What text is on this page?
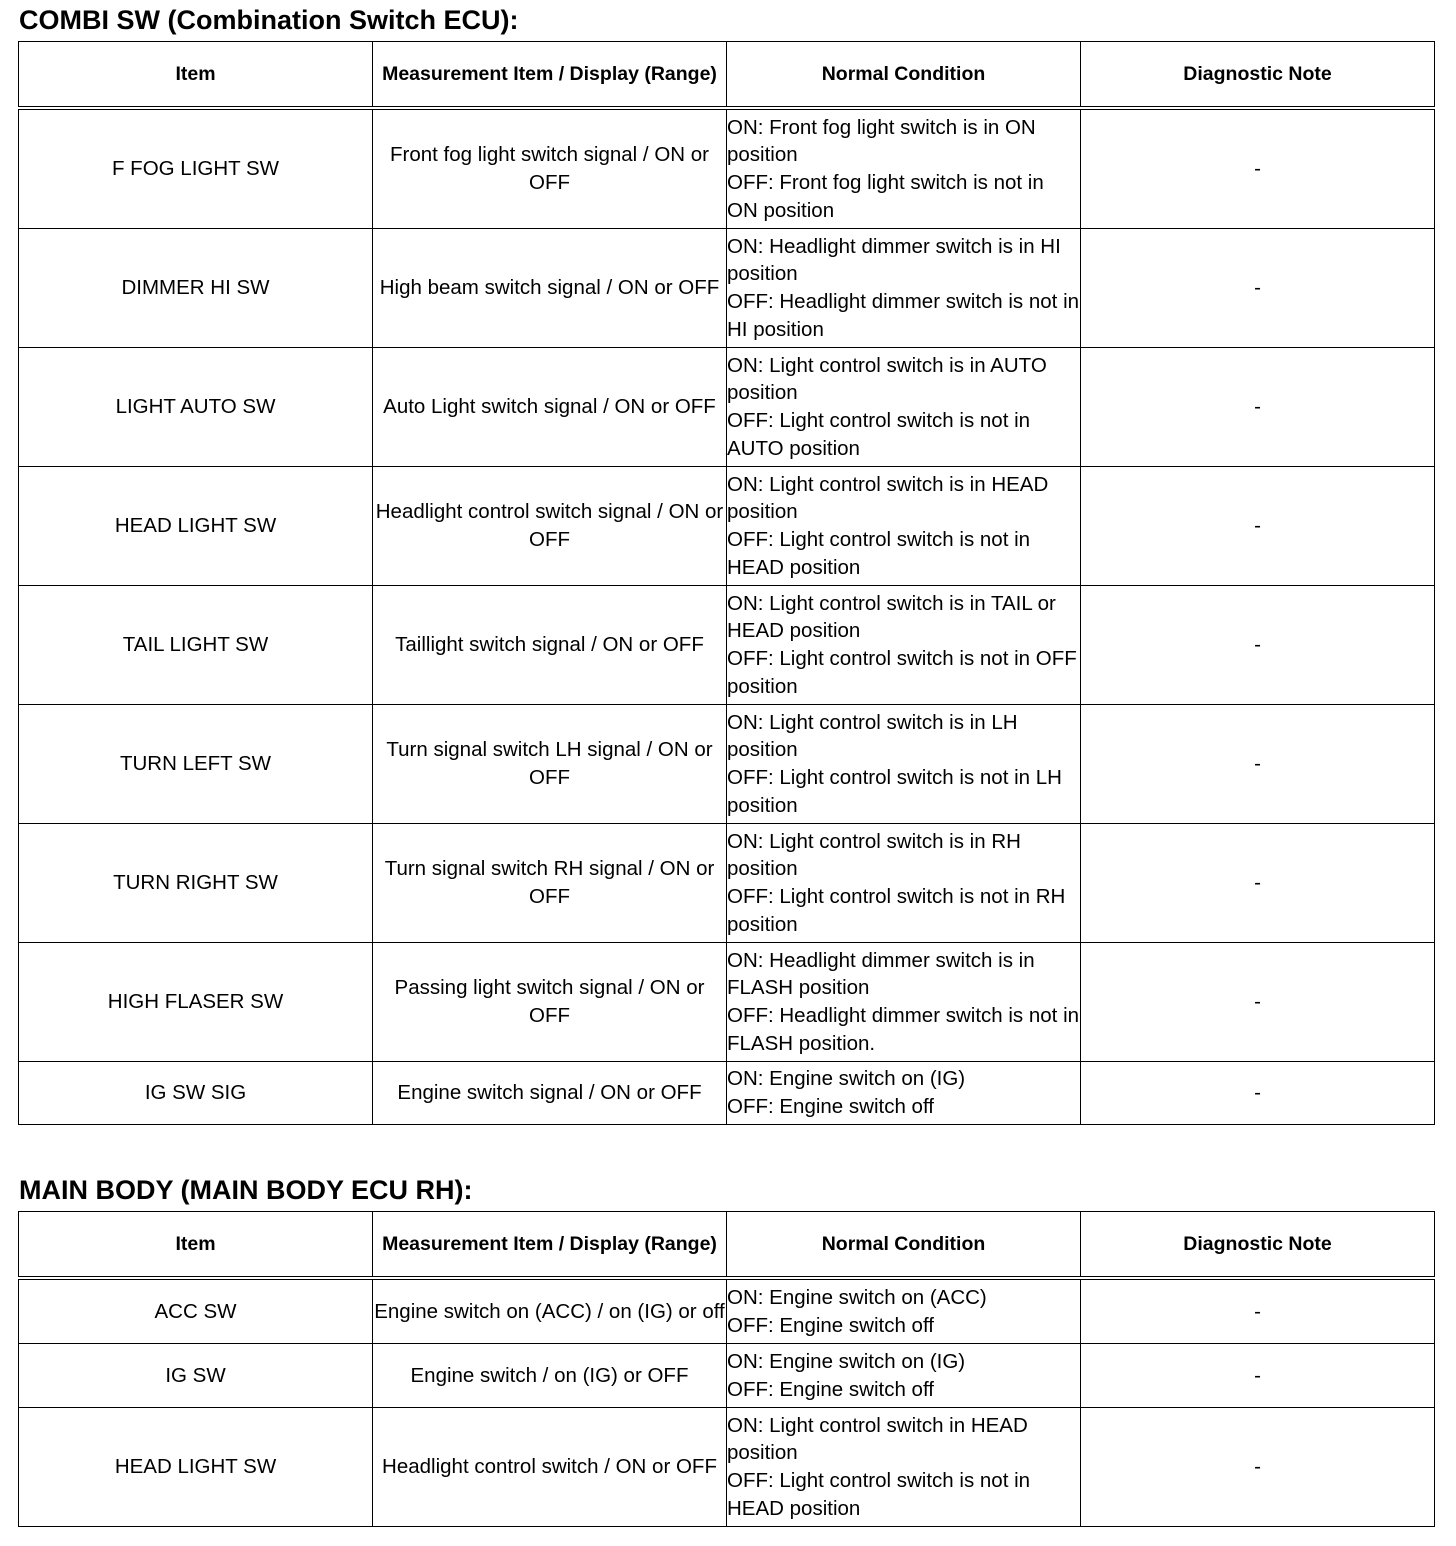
COMBI SW (Combination Switch ECU):
Item	Measurement Item / Display (Range)	Normal Condition	Diagnostic Note
F FOG LIGHT SW	Front fog light switch signal / ON or OFF	ON: Front fog light switch is in ON position
OFF: Front fog light switch is not in ON position	-
DIMMER HI SW	High beam switch signal / ON or OFF	ON: Headlight dimmer switch is in HI position
OFF: Headlight dimmer switch is not in HI position	-
LIGHT AUTO SW	Auto Light switch signal / ON or OFF	ON: Light control switch is in AUTO position
OFF: Light control switch is not in AUTO position	-
HEAD LIGHT SW	Headlight control switch signal / ON or OFF	ON: Light control switch is in HEAD position
OFF: Light control switch is not in HEAD position	-
TAIL LIGHT SW	Taillight switch signal / ON or OFF	ON: Light control switch is in TAIL or HEAD position
OFF: Light control switch is not in OFF position	-
TURN LEFT SW	Turn signal switch LH signal / ON or OFF	ON: Light control switch is in LH position
OFF: Light control switch is not in LH position	-
TURN RIGHT SW	Turn signal switch RH signal / ON or OFF	ON: Light control switch is in RH position
OFF: Light control switch is not in RH position	-
HIGH FLASER SW	Passing light switch signal / ON or OFF	ON: Headlight dimmer switch is in FLASH position
OFF: Headlight dimmer switch is not in FLASH position.	-
IG SW SIG	Engine switch signal / ON or OFF	ON: Engine switch on (IG)
OFF: Engine switch off	-
MAIN BODY (MAIN BODY ECU RH):
Item	Measurement Item / Display (Range)	Normal Condition	Diagnostic Note
ACC SW	Engine switch on (ACC) / on (IG) or off	ON: Engine switch on (ACC)
OFF: Engine switch off	-
IG SW	Engine switch / on (IG) or OFF	ON: Engine switch on (IG)
OFF: Engine switch off	-
HEAD LIGHT SW	Headlight control switch / ON or OFF	ON: Light control switch in HEAD position
OFF: Light control switch is not in HEAD position	-
